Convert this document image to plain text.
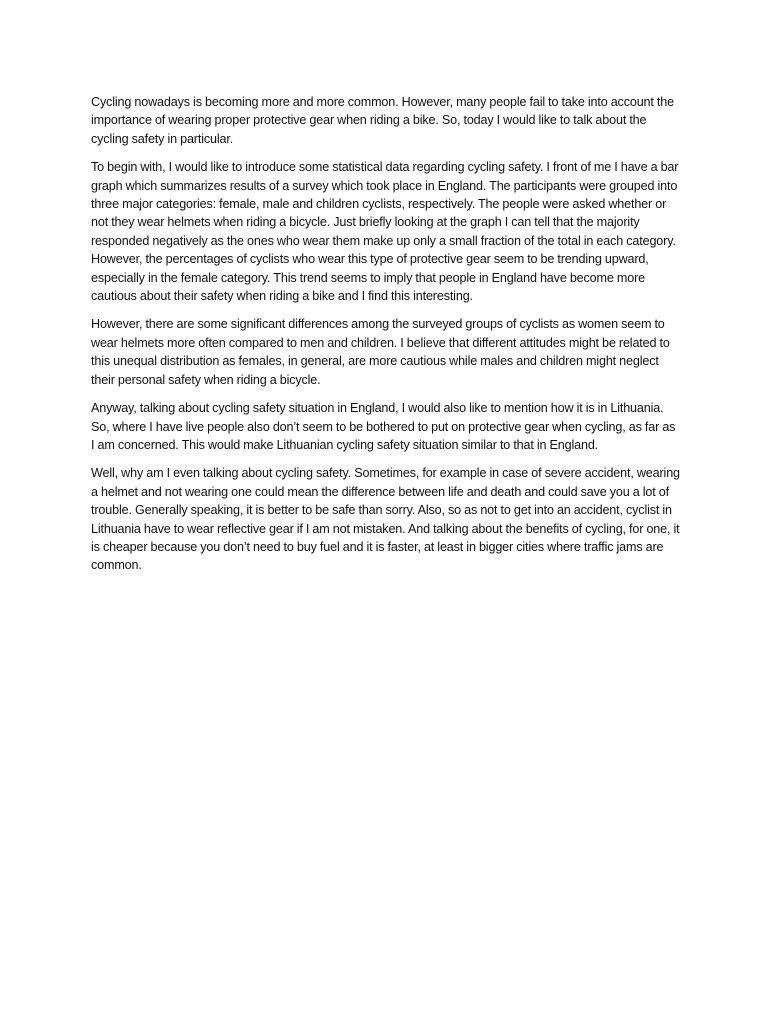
Cycling nowadays is becoming more and more common. However, many people fail to take into account the importance of wearing proper protective gear when riding a bike. So, today I would like to talk about the cycling safety in particular.

To begin with, I would like to introduce some statistical data regarding cycling safety. I front of me I have a bar graph which summarizes results of a survey which took place in England. The participants were grouped into three major categories: female, male and children cyclists, respectively. The people were asked whether or not they wear helmets when riding a bicycle. Just briefly looking at the graph I can tell that the majority responded negatively as the ones who wear them make up only a small fraction of the total in each category. However, the percentages of cyclists who wear this type of protective gear seem to be trending upward, especially in the female category. This trend seems to imply that people in England have become more cautious about their safety when riding a bike and I find this interesting.

However, there are some significant differences among the surveyed groups of cyclists as women seem to wear helmets more often compared to men and children. I believe that different attitudes might be related to this unequal distribution as females, in general, are more cautious while males and children might neglect their personal safety when riding a bicycle.

Anyway, talking about cycling safety situation in England, I would also like to mention how it is in Lithuania. So, where I have live people also don’t seem to be bothered to put on protective gear when cycling, as far as I am concerned. This would make Lithuanian cycling safety situation similar to that in England.

Well, why am I even talking about cycling safety. Sometimes, for example in case of severe accident, wearing a helmet and not wearing one could mean the difference between life and death and could save you a lot of trouble. Generally speaking, it is better to be safe than sorry. Also, so as not to get into an accident, cyclist in Lithuania have to wear reflective gear if I am not mistaken. And talking about the benefits of cycling, for one, it is cheaper because you don’t need to buy fuel and it is faster, at least in bigger cities where traffic jams are common.
